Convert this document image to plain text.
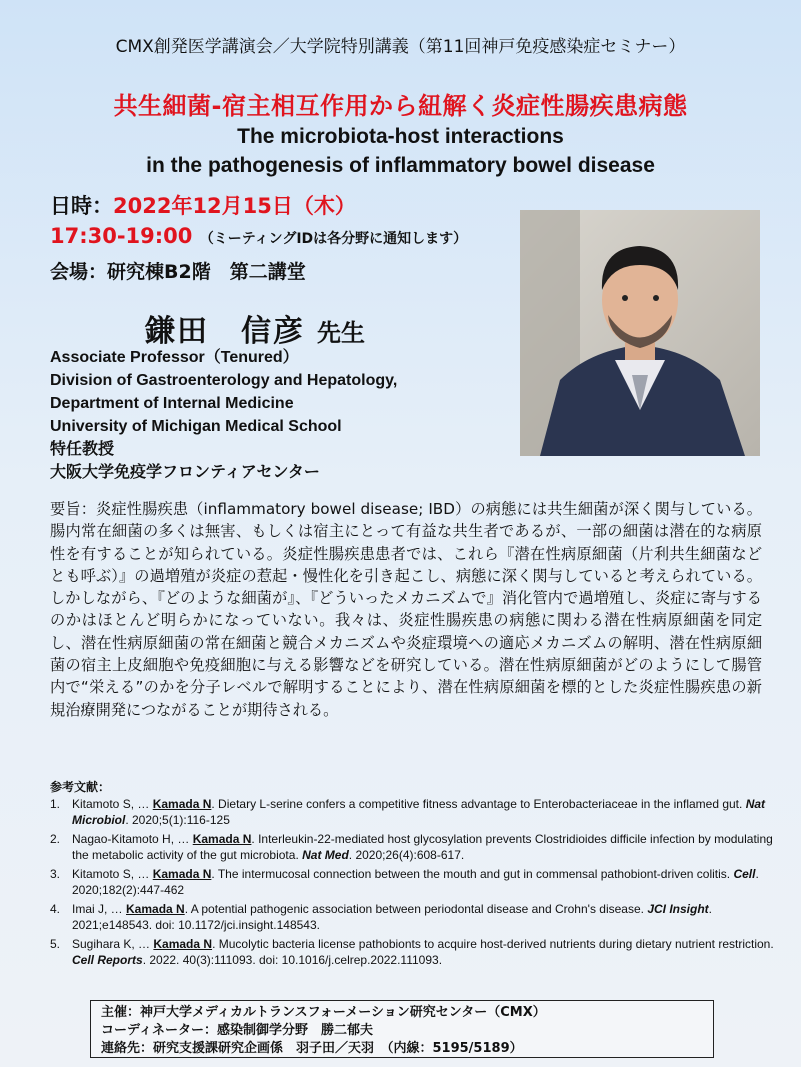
CMX創発医学講演会／大学院特別講義（第11回神戸免疫感染症セミナー）
共生細菌‐宿主相互作用から紐解く炎症性腸疾患病態
The microbiota-host interactions
in the pathogenesis of inflammatory bowel disease
日時：2022年12月15日（木）
17:30-19:00 （ミーティングIDは各分野に通知します）
会場：研究棟B2階　第二講堂
鎌田　信彦 先生
Associate Professor（Tenured）
Division of Gastroenterology and Hepatology,
Department of Internal Medicine
University of Michigan Medical School
特任教授
大阪大学免疫学フロンティアセンター
要旨：炎症性腸疾患（inflammatory bowel disease; IBD）の病態には共生細菌が深く関与している。腸内常在細菌の多くは無害、もしくは宿主にとって有益な共生者であるが、一部の細菌は潜在的な病原性を有することが知られている。炎症性腸疾患患者では、これら『潜在性病原細菌（片利共生細菌などとも呼ぶ）』の過増殖が炎症の惹起・慢性化を引き起こし、病態に深く関与していると考えられている。しかしながら、『どのような細菌が』、『どういったメカニズムで』消化管内で過増殖し、炎症に寄与するのかはほとんど明らかになっていない。我々は、炎症性腸疾患の病態に関わる潜在性病原細菌を同定し、潜在性病原細菌の常在細菌と競合メカニズムや炎症環境への適応メカニズムの解明、潜在性病原細菌の宿主上皮細胞や免疫細胞に与える影響などを研究している。潜在性病原細菌がどのようにして腸管内で“栄える”のかを分子レベルで解明することにより、潜在性病原細菌を標的とした炎症性腸疾患の新規治療開発につながることが期待される。
参考文献：
1. Kitamoto S, … Kamada N. Dietary L-serine confers a competitive fitness advantage to Enterobacteriaceae in the inflamed gut. Nat Microbiol. 2020;5(1):116-125
2. Nagao-Kitamoto H, … Kamada N. Interleukin-22-mediated host glycosylation prevents Clostridioides difficile infection by modulating the metabolic activity of the gut microbiota. Nat Med. 2020;26(4):608-617.
3. Kitamoto S, … Kamada N. The intermucosal connection between the mouth and gut in commensal pathobiont-driven colitis. Cell. 2020;182(2):447-462
4. Imai J, … Kamada N. A potential pathogenic association between periodontal disease and Crohn's disease. JCI Insight. 2021;e148543. doi: 10.1172/jci.insight.148543.
5. Sugihara K, … Kamada N. Mucolytic bacteria license pathobionts to acquire host-derived nutrients during dietary nutrient restriction. Cell Reports. 2022. 40(3):111093. doi: 10.1016/j.celrep.2022.111093.
主催：神戸大学メディカルトランスフォーメーション研究センター（CMX）
コーディネーター：感染制御学分野　勝二郁夫
連絡先：研究支援課研究企画係　羽子田／天羽　（内線：5195/5189）
